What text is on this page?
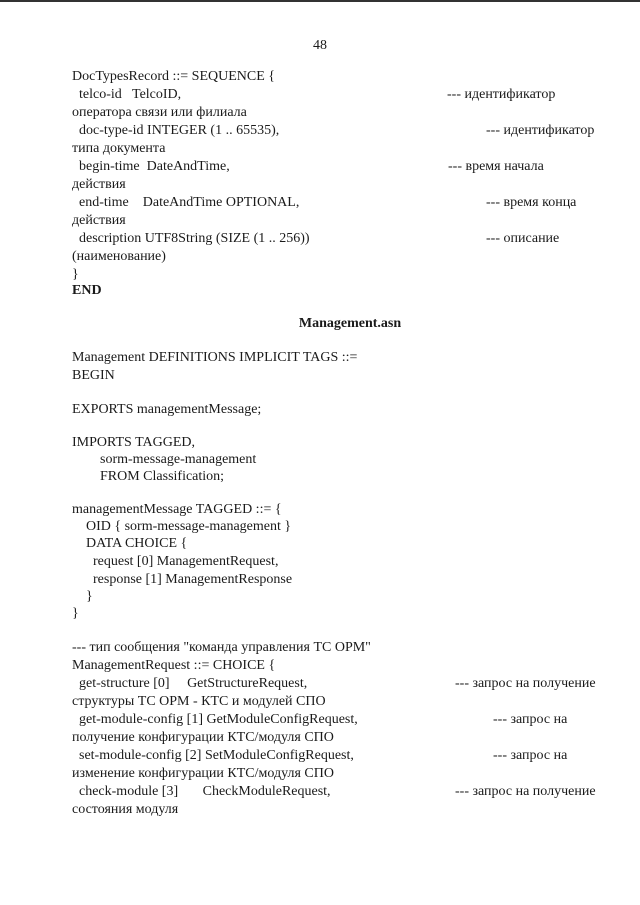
48
DocTypesRecord ::= SEQUENCE {
telco-id   TelcoID,	--- идентификатор
оператора связи или филиала
doc-type-id INTEGER (1 .. 65535),	--- идентификатор
типа документа
begin-time  DateAndTime,	--- время начала
действия
end-time    DateAndTime OPTIONAL,	--- время конца
действия
description UTF8String (SIZE (1 .. 256))	--- описание
(наименование)
}
END
Management.asn
Management DEFINITIONS IMPLICIT TAGS ::=
BEGIN
EXPORTS managementMessage;
IMPORTS TAGGED,
sorm-message-management
FROM Classification;
managementMessage TAGGED ::= {
OID { sorm-message-management }
DATA CHOICE {
request [0] ManagementRequest,
response [1] ManagementResponse
}
}
--- тип сообщения "команда управления ТС ОРМ"
ManagementRequest ::= CHOICE {
get-structure [0]     GetStructureRequest,	--- запрос на получение
структуры ТС ОРМ - КТС и модулей СПО
get-module-config [1] GetModuleConfigRequest,	--- запрос на
получение конфигурации КТС/модуля СПО
set-module-config [2] SetModuleConfigRequest,	--- запрос на
изменение конфигурации КТС/модуля СПО
check-module [3]       CheckModuleRequest,	--- запрос на получение
состояния модуля
